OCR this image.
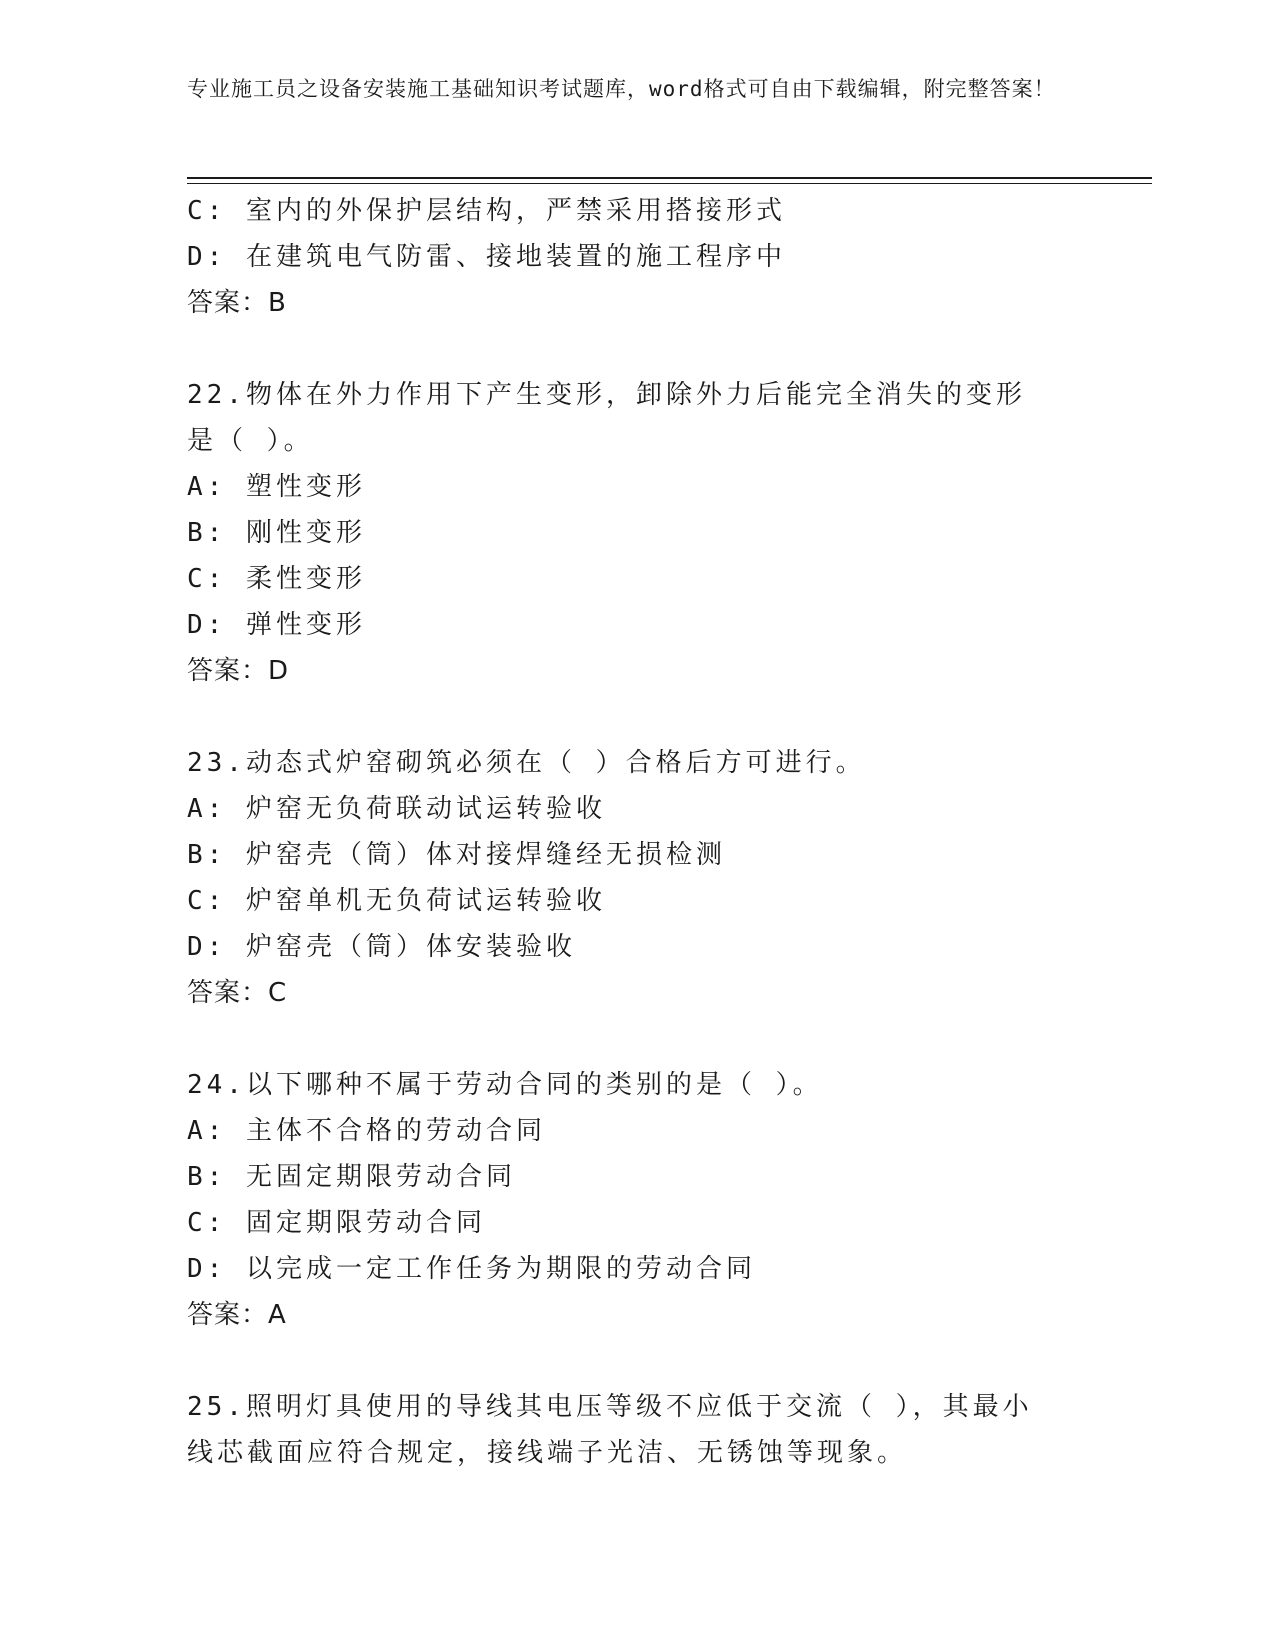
专业施工员之设备安装施工基础知识考试题库，word格式可自由下载编辑，附完整答案！
C: 室内的外保护层结构，严禁采用搭接形式
D: 在建筑电气防雷、接地装置的施工程序中
答案：B
22.物体在外力作用下产生变形，卸除外力后能完全消失的变形是（ ）。
A: 塑性变形
B: 刚性变形
C: 柔性变形
D: 弹性变形
答案：D
23.动态式炉窑砌筑必须在（ ）合格后方可进行。
A: 炉窑无负荷联动试运转验收
B: 炉窑壳（筒）体对接焊缝经无损检测
C: 炉窑单机无负荷试运转验收
D: 炉窑壳（筒）体安装验收
答案：C
24.以下哪种不属于劳动合同的类别的是（ ）。
A: 主体不合格的劳动合同
B: 无固定期限劳动合同
C: 固定期限劳动合同
D: 以完成一定工作任务为期限的劳动合同
答案：A
25.照明灯具使用的导线其电压等级不应低于交流（ ），其最小线芯截面应符合规定，接线端子光洁、无锈蚀等现象。
